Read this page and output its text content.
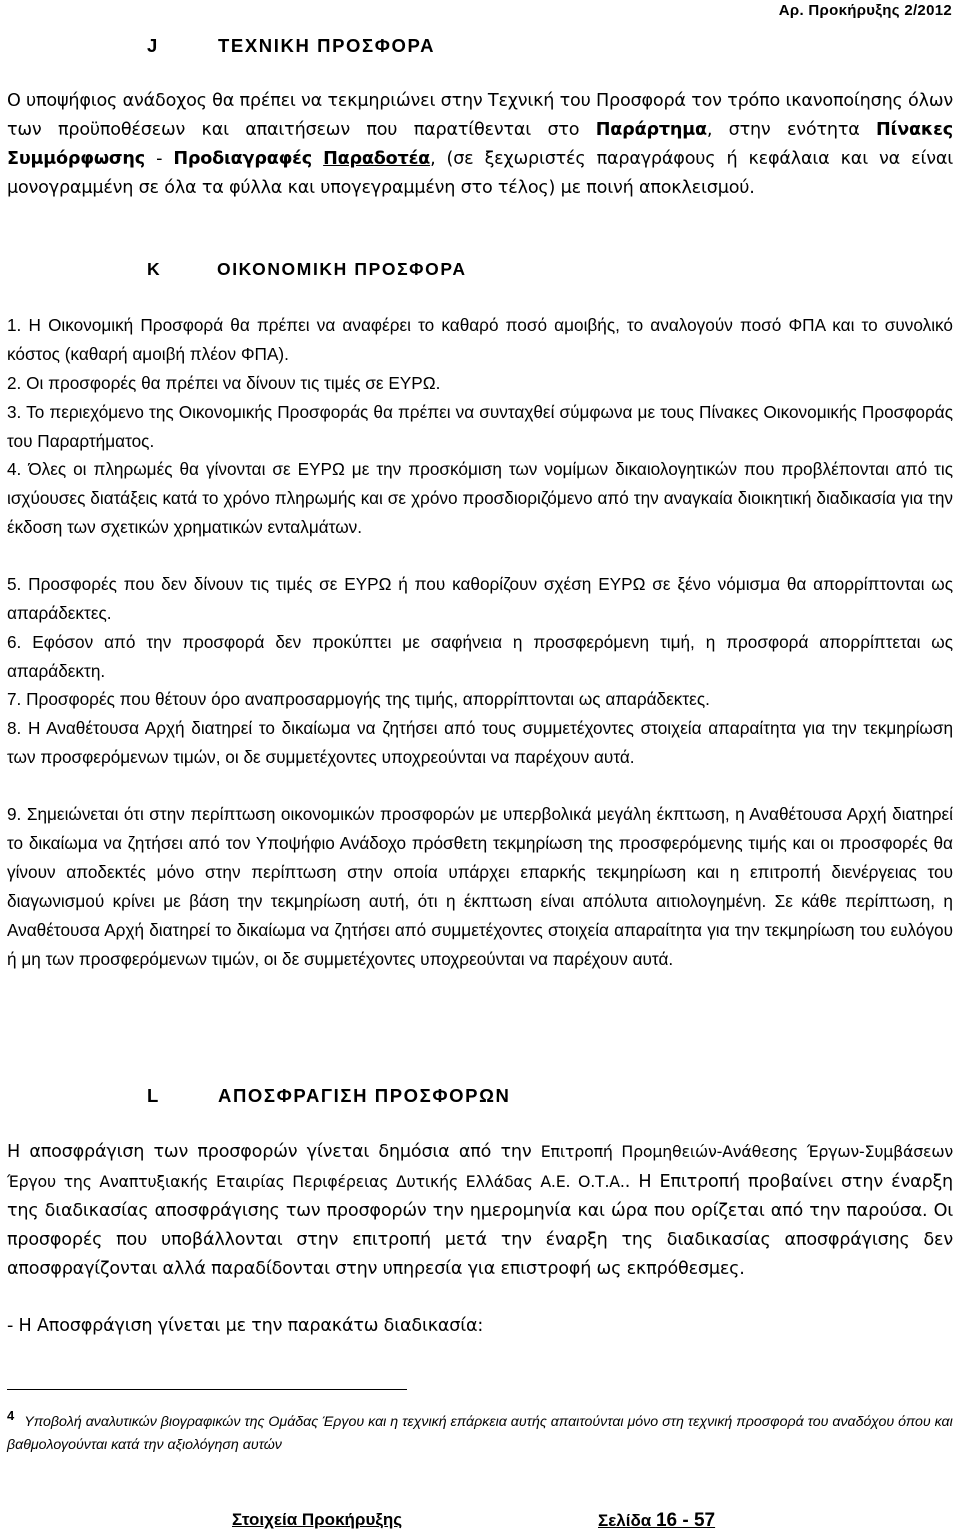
Αρ. Προκήρυξης 2/2012
J	ΤΕΧΝΙΚΗ ΠΡΟΣΦΟΡΑ
Ο υποψήφιος ανάδοχος θα πρέπει να τεκμηριώνει στην Τεχνική του Προσφορά τον τρόπο ικανοποίησης όλων των προϋποθέσεων και απαιτήσεων που παρατίθενται στο Παράρτημα, στην ενότητα Πίνακες Συμμόρφωσης - Προδιαγραφές Παραδοτέα, (σε ξεχωριστές παραγράφους ή κεφάλαια και να είναι μονογραμμένη σε όλα τα φύλλα και υπογεγραμμένη στο τέλος) με ποινή αποκλεισμού.
Κ	ΟΙΚΟΝΟΜΙΚΗ ΠΡΟΣΦΟΡΑ
1. Η Οικονομική Προσφορά θα πρέπει να αναφέρει το καθαρό ποσό αμοιβής, το αναλογούν ποσό ΦΠΑ και το συνολικό κόστος (καθαρή αμοιβή πλέον ΦΠΑ).
2. Οι προσφορές θα πρέπει να δίνουν τις τιμές σε ΕΥΡΩ.
3. Το περιεχόμενο της Οικονομικής Προσφοράς θα πρέπει να συνταχθεί σύμφωνα με τους Πίνακες Οικονομικής Προσφοράς του Παραρτήματος.
4. Όλες οι πληρωμές θα γίνονται σε ΕΥΡΩ με την προσκόμιση των νομίμων δικαιολογητικών που προβλέπονται από τις ισχύουσες διατάξεις κατά το χρόνο πληρωμής και σε χρόνο προσδιοριζόμενο από την αναγκαία διοικητική διαδικασία για την έκδοση των σχετικών χρηματικών ενταλμάτων.
5. Προσφορές που δεν δίνουν τις τιμές σε ΕΥΡΩ ή που καθορίζουν σχέση ΕΥΡΩ σε ξένο νόμισμα θα απορρίπτονται ως απαράδεκτες.
6. Εφόσον από την προσφορά δεν προκύπτει με σαφήνεια η προσφερόμενη τιμή, η προσφορά απορρίπτεται ως απαράδεκτη.
7. Προσφορές που θέτουν όρο αναπροσαρμογής της τιμής, απορρίπτονται ως απαράδεκτες.
8. Η Αναθέτουσα Αρχή διατηρεί το δικαίωμα να ζητήσει από τους συμμετέχοντες στοιχεία απαραίτητα για την τεκμηρίωση των προσφερόμενων τιμών, οι δε συμμετέχοντες υποχρεούνται να παρέχουν αυτά.
9. Σημειώνεται ότι στην περίπτωση οικονομικών προσφορών με υπερβολικά μεγάλη έκπτωση, η Αναθέτουσα Αρχή διατηρεί το δικαίωμα να ζητήσει από τον Υποψήφιο Ανάδοχο πρόσθετη τεκμηρίωση της προσφερόμενης τιμής και οι προσφορές θα γίνουν αποδεκτές μόνο στην περίπτωση στην οποία υπάρχει επαρκής τεκμηρίωση και η επιτροπή διενέργειας του διαγωνισμού κρίνει με βάση την τεκμηρίωση αυτή, ότι η έκπτωση είναι απόλυτα αιτιολογημένη. Σε κάθε περίπτωση, η Αναθέτουσα Αρχή διατηρεί το δικαίωμα να ζητήσει από συμμετέχοντες στοιχεία απαραίτητα για την τεκμηρίωση του ευλόγου ή μη των προσφερόμενων τιμών, οι δε συμμετέχοντες υποχρεούνται να παρέχουν αυτά.
L	ΑΠΟΣΦΡΑΓΙΣΗ ΠΡΟΣΦΟΡΩΝ
Η αποσφράγιση των προσφορών γίνεται δημόσια από την Επιτροπή Προμηθειών-Ανάθεσης Έργων-Συμβάσεων Έργου της Αναπτυξιακής Εταιρίας Περιφέρειας Δυτικής Ελλάδας Α.Ε. Ο.Τ.Α.. Η Επιτροπή προβαίνει στην έναρξη της διαδικασίας αποσφράγισης των προσφορών την ημερομηνία και ώρα που ορίζεται από την παρούσα. Οι προσφορές που υποβάλλονται στην επιτροπή μετά την έναρξη της διαδικασίας αποσφράγισης δεν αποσφραγίζονται αλλά παραδίδονται στην υπηρεσία για επιστροφή ως εκπρόθεσμες.
- Η Αποσφράγιση γίνεται με την παρακάτω διαδικασία:
$^4$ Υποβολή αναλυτικών βιογραφικών της Ομάδας Έργου και η τεχνική επάρκεια αυτής απαιτούνται μόνο στη τεχνική προσφορά του αναδόχου όπου και βαθμολογούνται κατά την αξιολόγηση αυτών
Στοιχεία Προκήρυξης	Σελίδα 16 - 57
